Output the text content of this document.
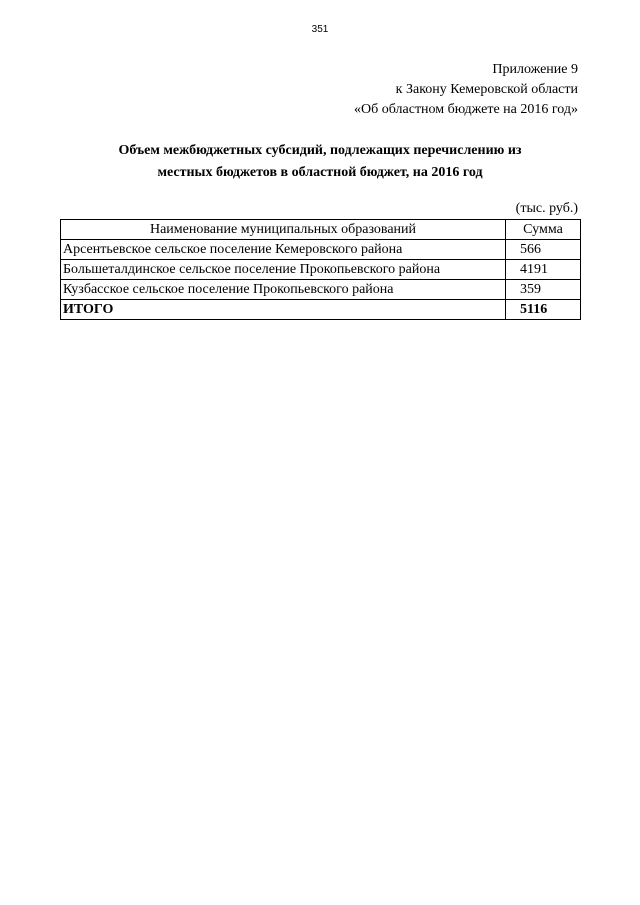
351
Приложение 9
к Закону Кемеровской области
«Об областном бюджете на 2016 год»
Объем межбюджетных субсидий, подлежащих перечислению из
местных бюджетов в областной бюджет, на 2016 год
(тыс. руб.)
Наименование муниципальных образований	Сумма
Арсентьевское сельское поселение Кемеровского района	566
Большеталдинское сельское поселение Прокопьевского района	4191
Кузбасское сельское поселение Прокопьевского района	359
ИТОГО	5116
